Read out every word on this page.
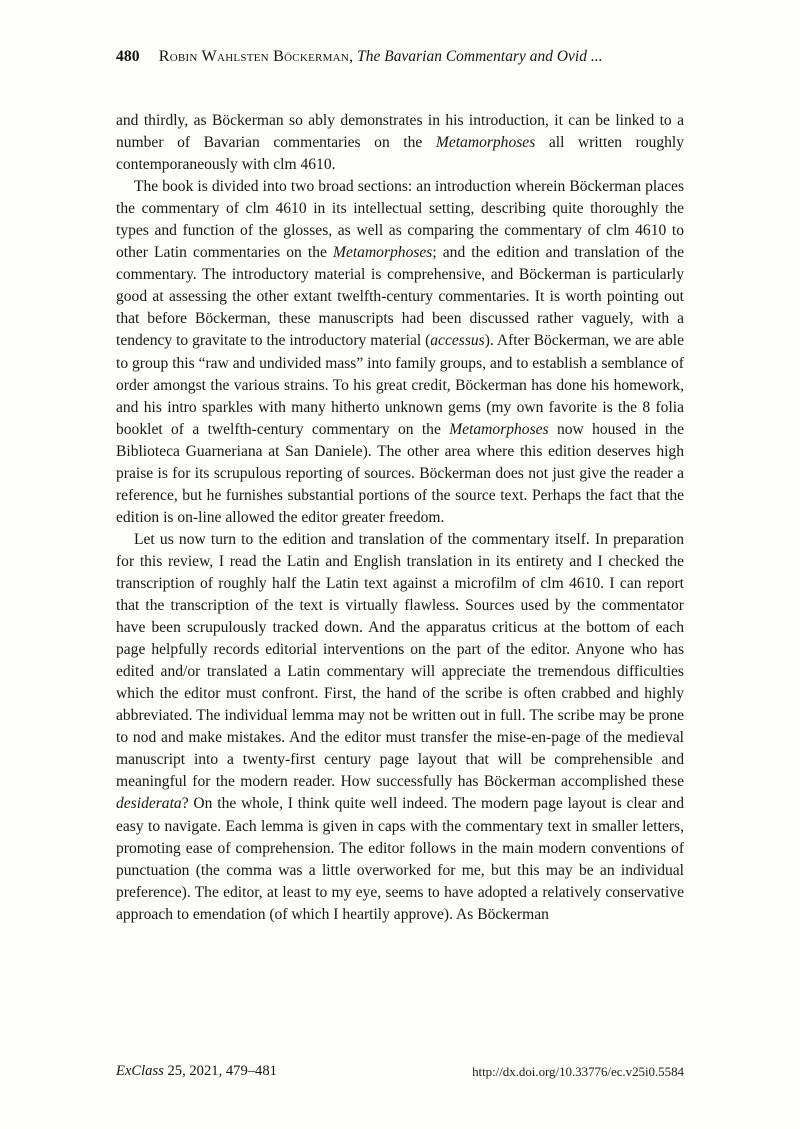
480 Robin Wahlsten Böckerman, The Bavarian Commentary and Ovid ...

and thirdly, as Böckerman so ably demonstrates in his introduction, it can be linked to a number of Bavarian commentaries on the Metamorphoses all written roughly contemporaneously with clm 4610.

The book is divided into two broad sections: an introduction wherein Böckerman places the commentary of clm 4610 in its intellectual setting, describing quite thoroughly the types and function of the glosses, as well as comparing the commentary of clm 4610 to other Latin commentaries on the Metamorphoses; and the edition and translation of the commentary. The introductory material is comprehensive, and Böckerman is particularly good at assessing the other extant twelfth-century commentaries. It is worth pointing out that before Böckerman, these manuscripts had been discussed rather vaguely, with a tendency to gravitate to the introductory material (accessus). After Böckerman, we are able to group this “raw and undivided mass” into family groups, and to establish a semblance of order amongst the various strains. To his great credit, Böckerman has done his homework, and his intro sparkles with many hitherto unknown gems (my own favorite is the 8 folia booklet of a twelfth-century commentary on the Metamorphoses now housed in the Biblioteca Guarneriana at San Daniele). The other area where this edition deserves high praise is for its scrupulous reporting of sources. Böckerman does not just give the reader a reference, but he furnishes substantial portions of the source text. Perhaps the fact that the edition is on-line allowed the editor greater freedom.

Let us now turn to the edition and translation of the commentary itself. In preparation for this review, I read the Latin and English translation in its entirety and I checked the transcription of roughly half the Latin text against a microfilm of clm 4610. I can report that the transcription of the text is virtually flawless. Sources used by the commentator have been scrupulously tracked down. And the apparatus criticus at the bottom of each page helpfully records editorial interventions on the part of the editor. Anyone who has edited and/or translated a Latin commentary will appreciate the tremendous difficulties which the editor must confront. First, the hand of the scribe is often crabbed and highly abbreviated. The individual lemma may not be written out in full. The scribe may be prone to nod and make mistakes. And the editor must transfer the mise-en-page of the medieval manuscript into a twenty-first century page layout that will be comprehensible and meaningful for the modern reader. How successfully has Böckerman accomplished these desiderata? On the whole, I think quite well indeed. The modern page layout is clear and easy to navigate. Each lemma is given in caps with the commentary text in smaller letters, promoting ease of comprehension. The editor follows in the main modern conventions of punctuation (the comma was a little overworked for me, but this may be an individual preference). The editor, at least to my eye, seems to have adopted a relatively conservative approach to emendation (of which I heartily approve). As Böckerman

ExClass 25, 2021, 479–481	http://dx.doi.org/10.33776/ec.v25i0.5584
